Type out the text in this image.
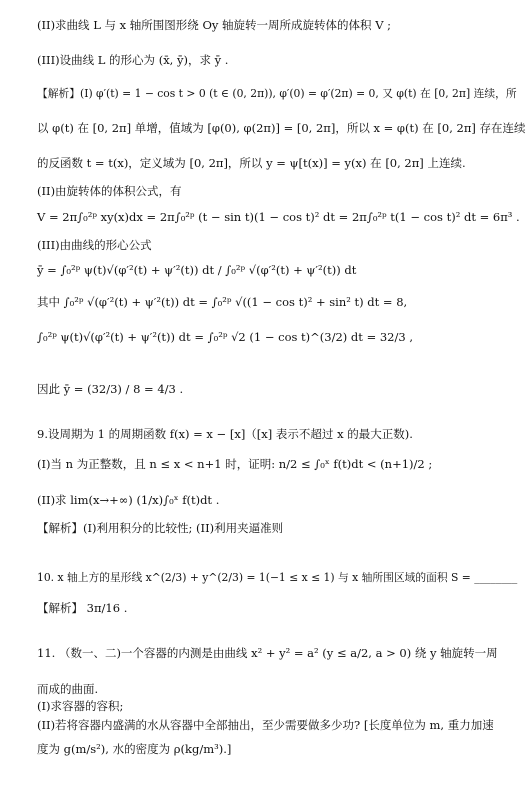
(II)求曲线 L 与 x 轴所围图形绕 Oy 轴旋转一周所成旋转体的体积 V ;
(III)设曲线 L 的形心为 (x̄, ȳ)，求 ȳ .
【解析】(I) φ′(t) = 1 − cos t > 0 (t ∈ (0, 2π)), φ′(0) = φ′(2π) = 0, 又 φ(t) 在 [0, 2π] 连续，所
以 φ(t) 在 [0, 2π] 单增，值域为 [φ(0), φ(2π)] = [0, 2π]，所以 x = φ(t) 在 [0, 2π] 存在连续
的反函数 t = t(x)，定义域为 [0, 2π]，所以 y = ψ[t(x)] = y(x) 在 [0, 2π] 上连续.
(II)由旋转体的体积公式，有
V = 2π∫₀²ᵖ xy(x)dx = 2π∫₀²ᵖ (t − sin t)(1 − cos t)² dt = 2π∫₀²ᵖ t(1 − cos t)² dt = 6π³ .
(III)由曲线的形心公式
ȳ = ∫₀²ᵖ ψ(t)√(φ′²(t) + ψ′²(t)) dt / ∫₀²ᵖ √(φ′²(t) + ψ′²(t)) dt
其中 ∫₀²ᵖ √(φ′²(t) + ψ′²(t)) dt = ∫₀²ᵖ √((1 − cos t)² + sin² t) dt = 8,
∫₀²ᵖ ψ(t)√(φ′²(t) + ψ′²(t)) dt = ∫₀²ᵖ √2 (1 − cos t)^(3/2) dt = 32/3 ,
因此 ȳ = (32/3) / 8 = 4/3 .
9.设周期为 1 的周期函数 f(x) = x − [x]（[x] 表示不超过 x 的最大正数).
(I)当 n 为正整数，且 n ≤ x < n+1 时，证明: n/2 ≤ ∫₀ˣ f(t)dt < (n+1)/2 ;
(II)求 lim(x→+∞) (1/x)∫₀ˣ f(t)dt .
【解析】(I)利用积分的比较性; (II)利用夹逼准则
10. x 轴上方的星形线 x^(2/3) + y^(2/3) = 1(−1 ≤ x ≤ 1) 与 x 轴所围区域的面积 S = ________
【解析】 3π/16 .
11. （数一、二)一个容器的内测是由曲线 x² + y² = a² (y ≤ a/2, a > 0) 绕 y 轴旋转一周
而成的曲面.
(I)求容器的容积;
(II)若将容器内盛满的水从容器中全部抽出，至少需要做多少功? [长度单位为 m, 重力加速
度为 g(m/s²), 水的密度为 ρ(kg/m³).]
